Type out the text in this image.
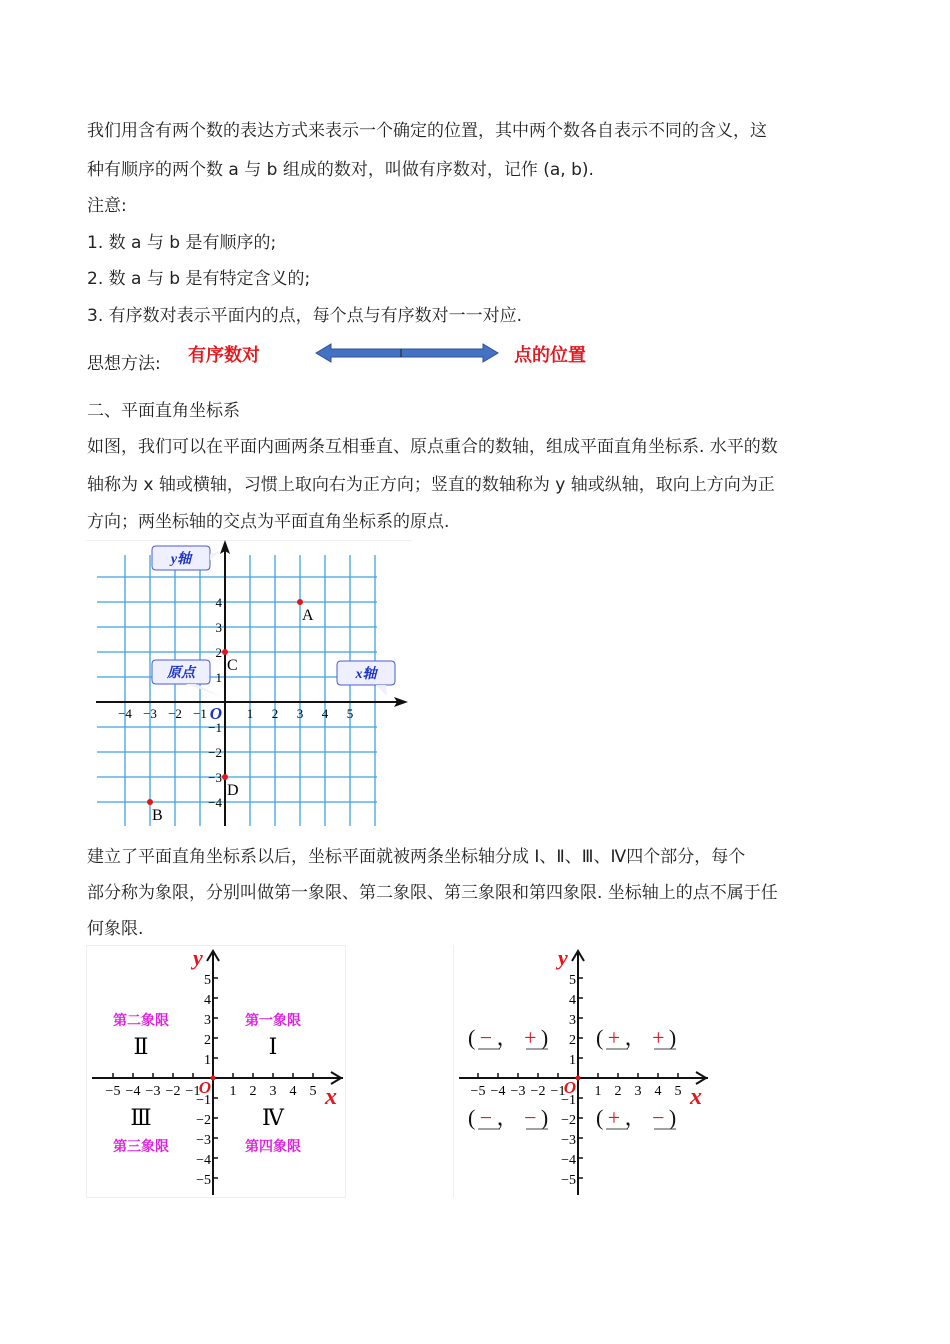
我们用含有两个数的表达方式来表示一个确定的位置，其中两个数各自表示不同的含义，这
种有顺序的两个数 a 与 b 组成的数对，叫做有序数对，记作 (a, b).
注意:
1. 数 a 与 b 是有顺序的;
2. 数 a 与 b 是有特定含义的;
3. 有序数对表示平面内的点，每个点与有序数对一一对应.
思想方法: 有序数对	点的位置
二、平面直角坐标系
如图，我们可以在平面内画两条互相垂直、原点重合的数轴，组成平面直角坐标系. 水平的数
轴称为 x 轴或横轴，习惯上取向右为正方向；竖直的数轴称为 y 轴或纵轴，取向上方向为正
方向；两坐标轴的交点为平面直角坐标系的原点.
−4 −3 −2 −1	1 2 3 4 5
4
3
2
1
−1
−2
−3
−4
O
A
B
C
D
y轴
原点	x轴
建立了平面直角坐标系以后，坐标平面就被两条坐标轴分成 Ⅰ、Ⅱ、Ⅲ、Ⅳ四个部分，每个
部分称为象限，分别叫做第一象限、第二象限、第三象限和第四象限. 坐标轴上的点不属于任
何象限.
−5
−5
−4
−4
−3
−3
−2
−2
−1
−1
1
1
2
2
3
3
4
4
5
5
O	x
y
Ⅰ
第一象限
Ⅱ
第二象限
Ⅲ
第三象限
Ⅳ
第四象限
−5
−5
−4
−4
−3
−3
−2
−2
−1
−1
1
1
2
2
3
3
4
4
5
5
O	x
y
( + ， + )
( − ， + )
( − ， − ) ( + ， − )
